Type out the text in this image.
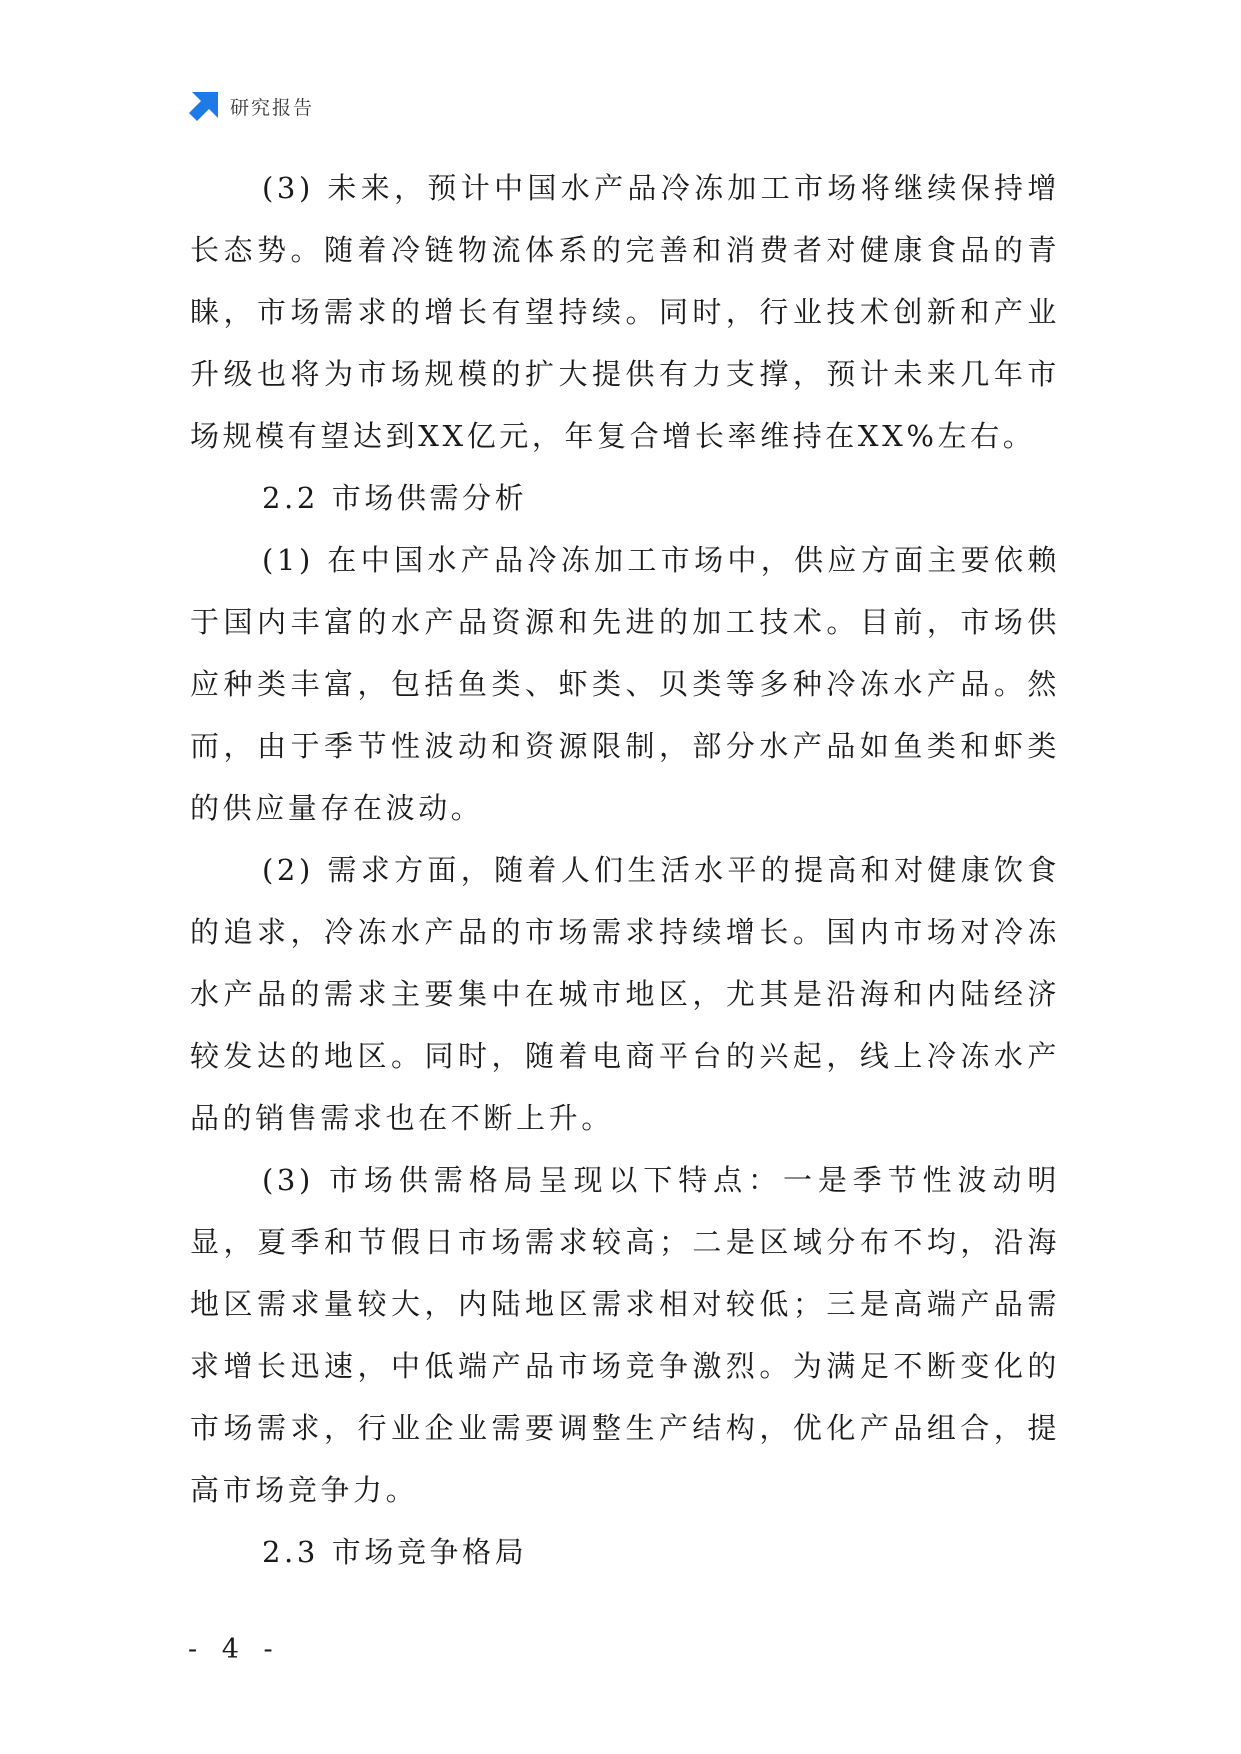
研究报告

(3) 未来，预计中国水产品冷冻加工市场将继续保持增长态势。随着冷链物流体系的完善和消费者对健康食品的青睐，市场需求的增长有望持续。同时，行业技术创新和产业升级也将为市场规模的扩大提供有力支撑，预计未来几年市场规模有望达到XX亿元，年复合增长率维持在XX%左右。

2.2 市场供需分析

(1) 在中国水产品冷冻加工市场中，供应方面主要依赖于国内丰富的水产品资源和先进的加工技术。目前，市场供应种类丰富，包括鱼类、虾类、贝类等多种冷冻水产品。然而，由于季节性波动和资源限制，部分水产品如鱼类和虾类的供应量存在波动。

(2) 需求方面，随着人们生活水平的提高和对健康饮食的追求，冷冻水产品的市场需求持续增长。国内市场对冷冻水产品的需求主要集中在城市地区，尤其是沿海和内陆经济较发达的地区。同时，随着电商平台的兴起，线上冷冻水产品的销售需求也在不断上升。

(3) 市场供需格局呈现以下特点：一是季节性波动明显，夏季和节假日市场需求较高；二是区域分布不均，沿海地区需求量较大，内陆地区需求相对较低；三是高端产品需求增长迅速，中低端产品市场竞争激烈。为满足不断变化的市场需求，行业企业需要调整生产结构，优化产品组合，提高市场竞争力。

2.3 市场竞争格局

- 4 -
